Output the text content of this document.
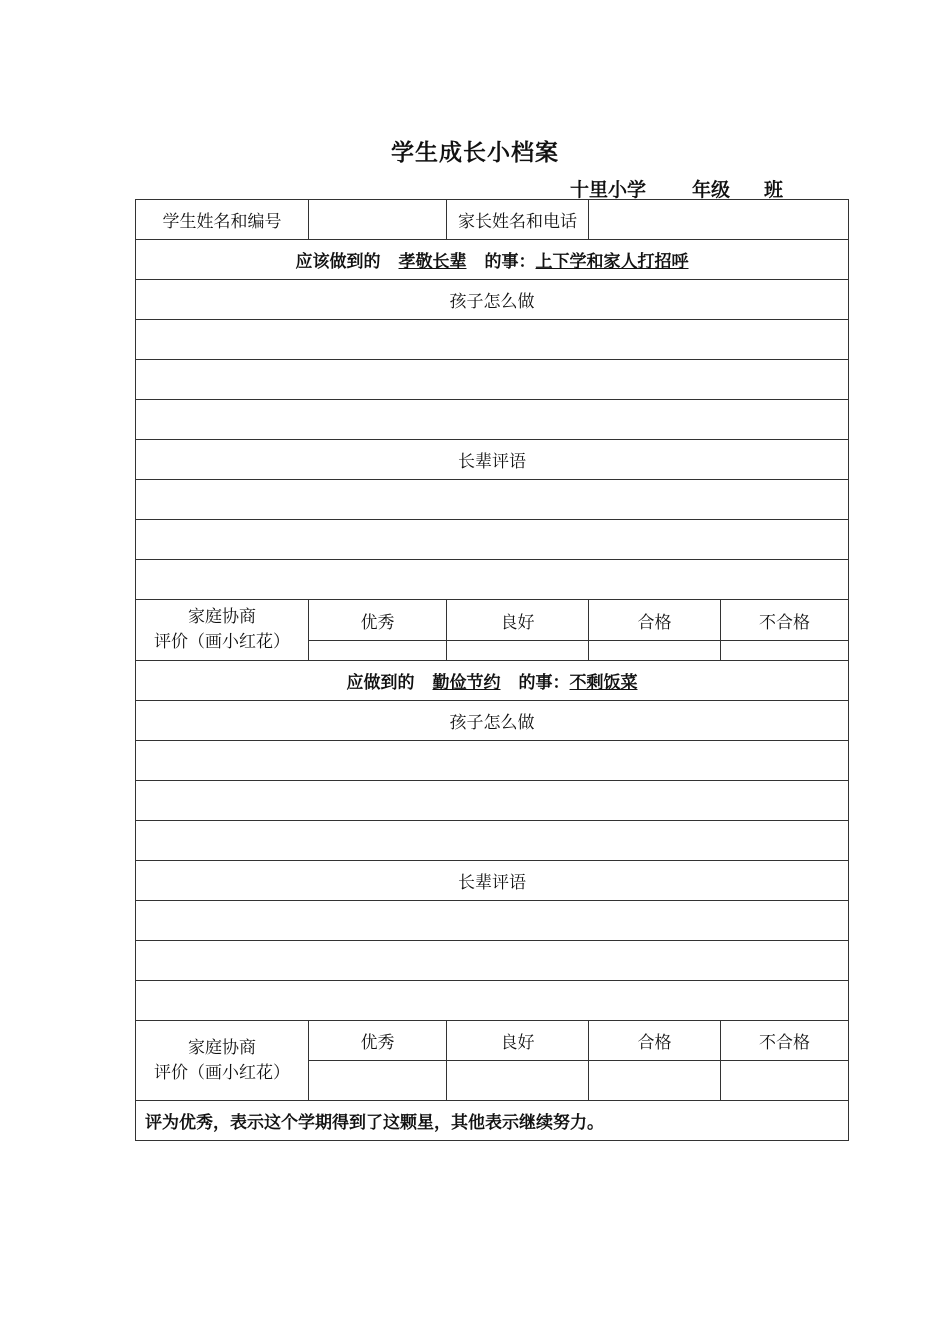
学生成长小档案
十里小学 年级 班
学生姓名和编号		家长姓名和电话		
应该做到的 孝敬长辈 的事：上下学和家人打招呼				
孩子怎么做				

长辈评语				

家庭协商
评价（画小红花）	优秀	良好	合格	不合格

应做到的 勤俭节约 的事：不剩饭菜				
孩子怎么做				

长辈评语				

家庭协商
评价（画小红花）	优秀	良好	合格	不合格

评为优秀，表示这个学期得到了这颗星，其他表示继续努力。				
